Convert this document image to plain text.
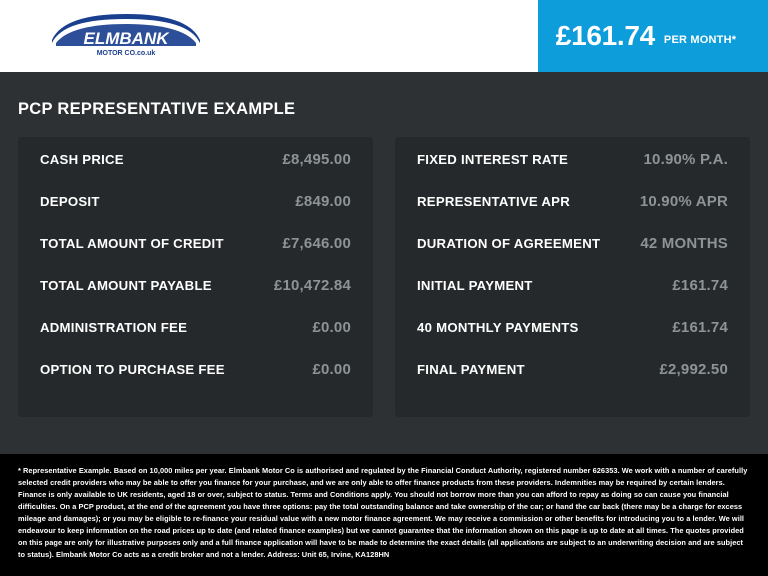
ELMBANK
MOTOR CO.co.uk
£161.74 PER MONTH*
PCP REPRESENTATIVE EXAMPLE
CASH PRICE	£8,495.00
DEPOSIT	£849.00
TOTAL AMOUNT OF CREDIT	£7,646.00
TOTAL AMOUNT PAYABLE	£10,472.84
ADMINISTRATION FEE	£0.00
OPTION TO PURCHASE FEE	£0.00
FIXED INTEREST RATE	10.90% P.A.
REPRESENTATIVE APR	10.90% APR
DURATION OF AGREEMENT	42 MONTHS
INITIAL PAYMENT	£161.74
40 MONTHLY PAYMENTS	£161.74
FINAL PAYMENT	£2,992.50

* Representative Example. Based on 10,000 miles per year. Elmbank Motor Co is authorised and regulated by the Financial Conduct Authority, registered number 626353. We work with a number of carefully selected credit providers who may be able to offer you finance for your purchase, and we are only able to offer finance products from these providers. Indemnities may be required by certain lenders. Finance is only available to UK residents, aged 18 or over, subject to status. Terms and Conditions apply. You should not borrow more than you can afford to repay as doing so can cause you financial difficulties. On a PCP product, at the end of the agreement you have three options: pay the total outstanding balance and take ownership of the car; or hand the car back (there may be a charge for excess mileage and damages); or you may be eligible to re-finance your residual value with a new motor finance agreement. We may receive a commission or other benefits for introducing you to a lender. We will endeavour to keep information on the road prices up to date (and related finance examples) but we cannot guarantee that the information shown on this page is up to date at all times. The quotes provided on this page are only for illustrative purposes only and a full finance application will have to be made to determine the exact details (all applications are subject to an underwriting decision and are subject to status). Elmbank Motor Co acts as a credit broker and not a lender. Address: Unit 65, Irvine, KA128HN
